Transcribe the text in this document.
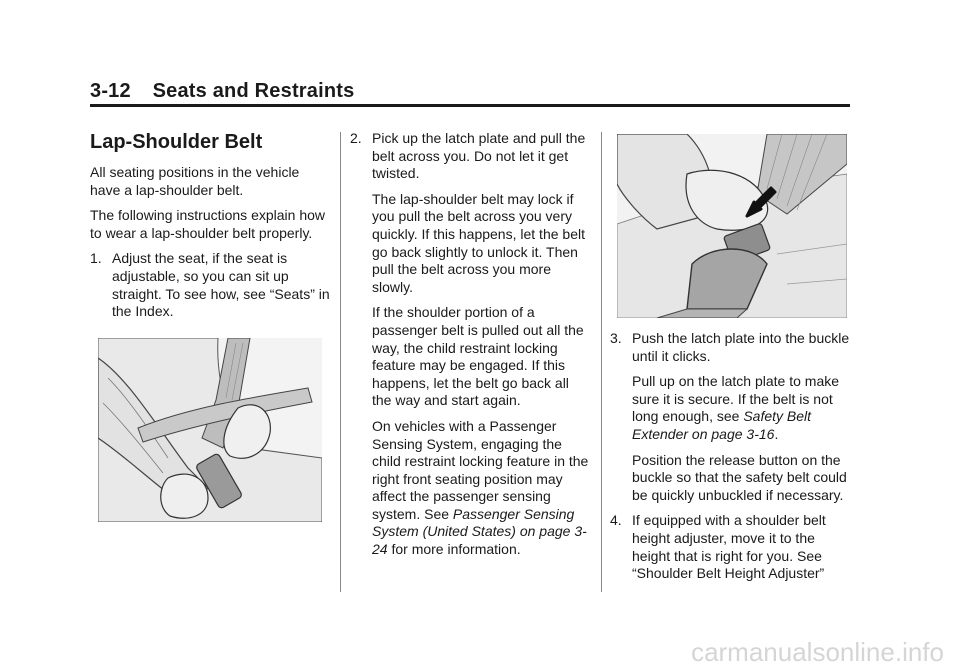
3-12 Seats and Restraints
Lap-Shoulder Belt

All seating positions in the vehicle have a lap-shoulder belt.

The following instructions explain how to wear a lap-shoulder belt properly.

1. Adjust the seat, if the seat is adjustable, so you can sit up straight. To see how, see “Seats” in the Index.
2. Pick up the latch plate and pull the belt across you. Do not let it get twisted.

The lap-shoulder belt may lock if you pull the belt across you very quickly. If this happens, let the belt go back slightly to unlock it. Then pull the belt across you more slowly.

If the shoulder portion of a passenger belt is pulled out all the way, the child restraint locking feature may be engaged. If this happens, let the belt go back all the way and start again.

On vehicles with a Passenger Sensing System, engaging the child restraint locking feature in the right front seating position may affect the passenger sensing system. See Passenger Sensing System (United States) on page 3-24 for more information.

3. Push the latch plate into the buckle until it clicks.

Pull up on the latch plate to make sure it is secure. If the belt is not long enough, see Safety Belt Extender on page 3-16.

Position the release button on the buckle so that the safety belt could be quickly unbuckled if necessary.

4. If equipped with a shoulder belt height adjuster, move it to the height that is right for you. See “Shoulder Belt Height Adjuster”
carmanualsonline.info
